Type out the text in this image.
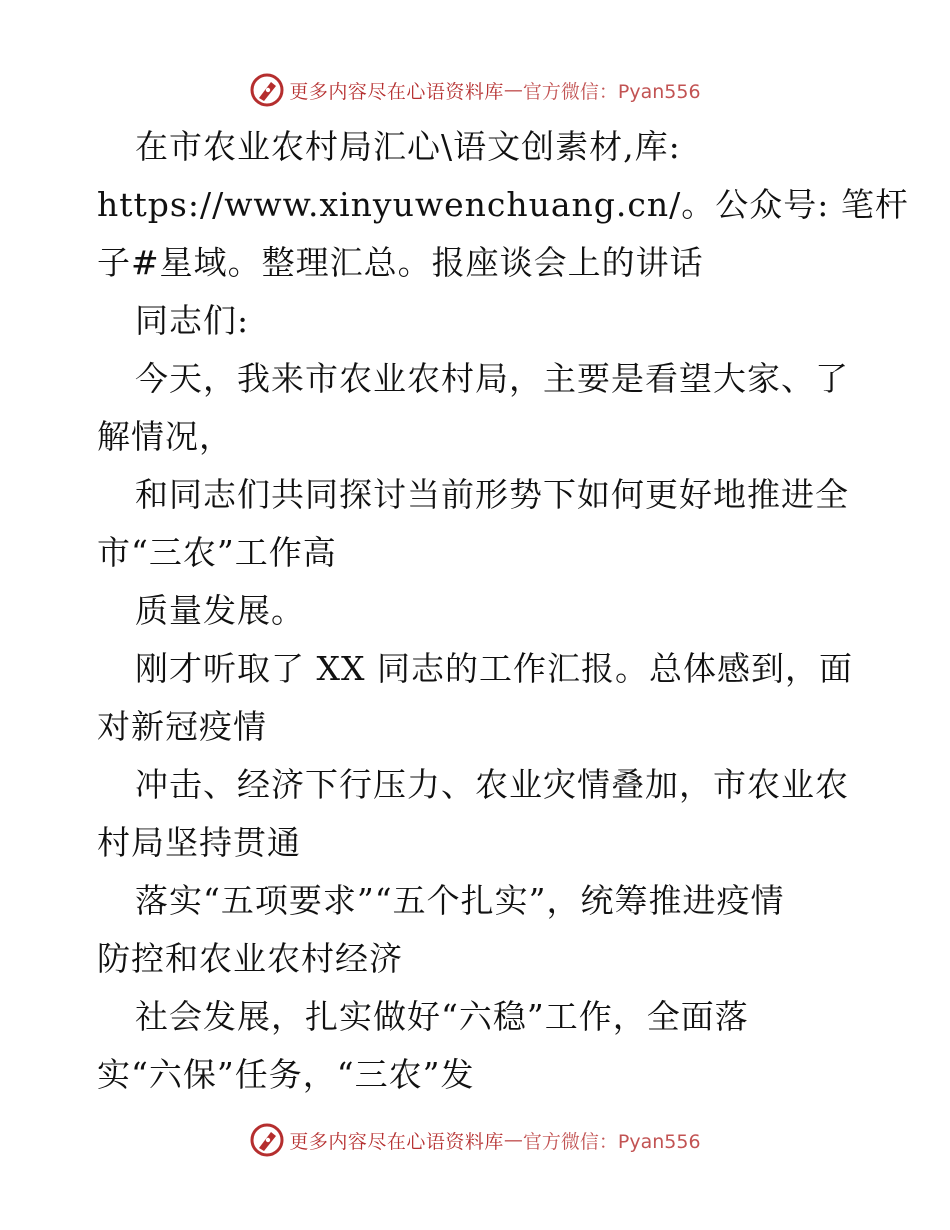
更多内容尽在心语资料库 — 官方微信：Pyan556
在市农业农村局汇心\语文创素材,库:
https://www.xinyuwenchuang.cn/。公众号: 笔杆
子#星域。整理汇总。报座谈会上的讲话
同志们:
今天，我来市农业农村局，主要是看望大家、了
解情况，
和同志们共同探讨当前形势下如何更好地推进全
市“三农”工作高
质量发展。
刚才听取了 XX 同志的工作汇报。总体感到，面
对新冠疫情
冲击、经济下行压力、农业灾情叠加，市农业农
村局坚持贯通
落实“五项要求”“五个扎实”，统筹推进疫情
防控和农业农村经济
社会发展，扎实做好“六稳”工作，全面落
实“六保”任务，“三农”发
更多内容尽在心语资料库 — 官方微信：Pyan556
